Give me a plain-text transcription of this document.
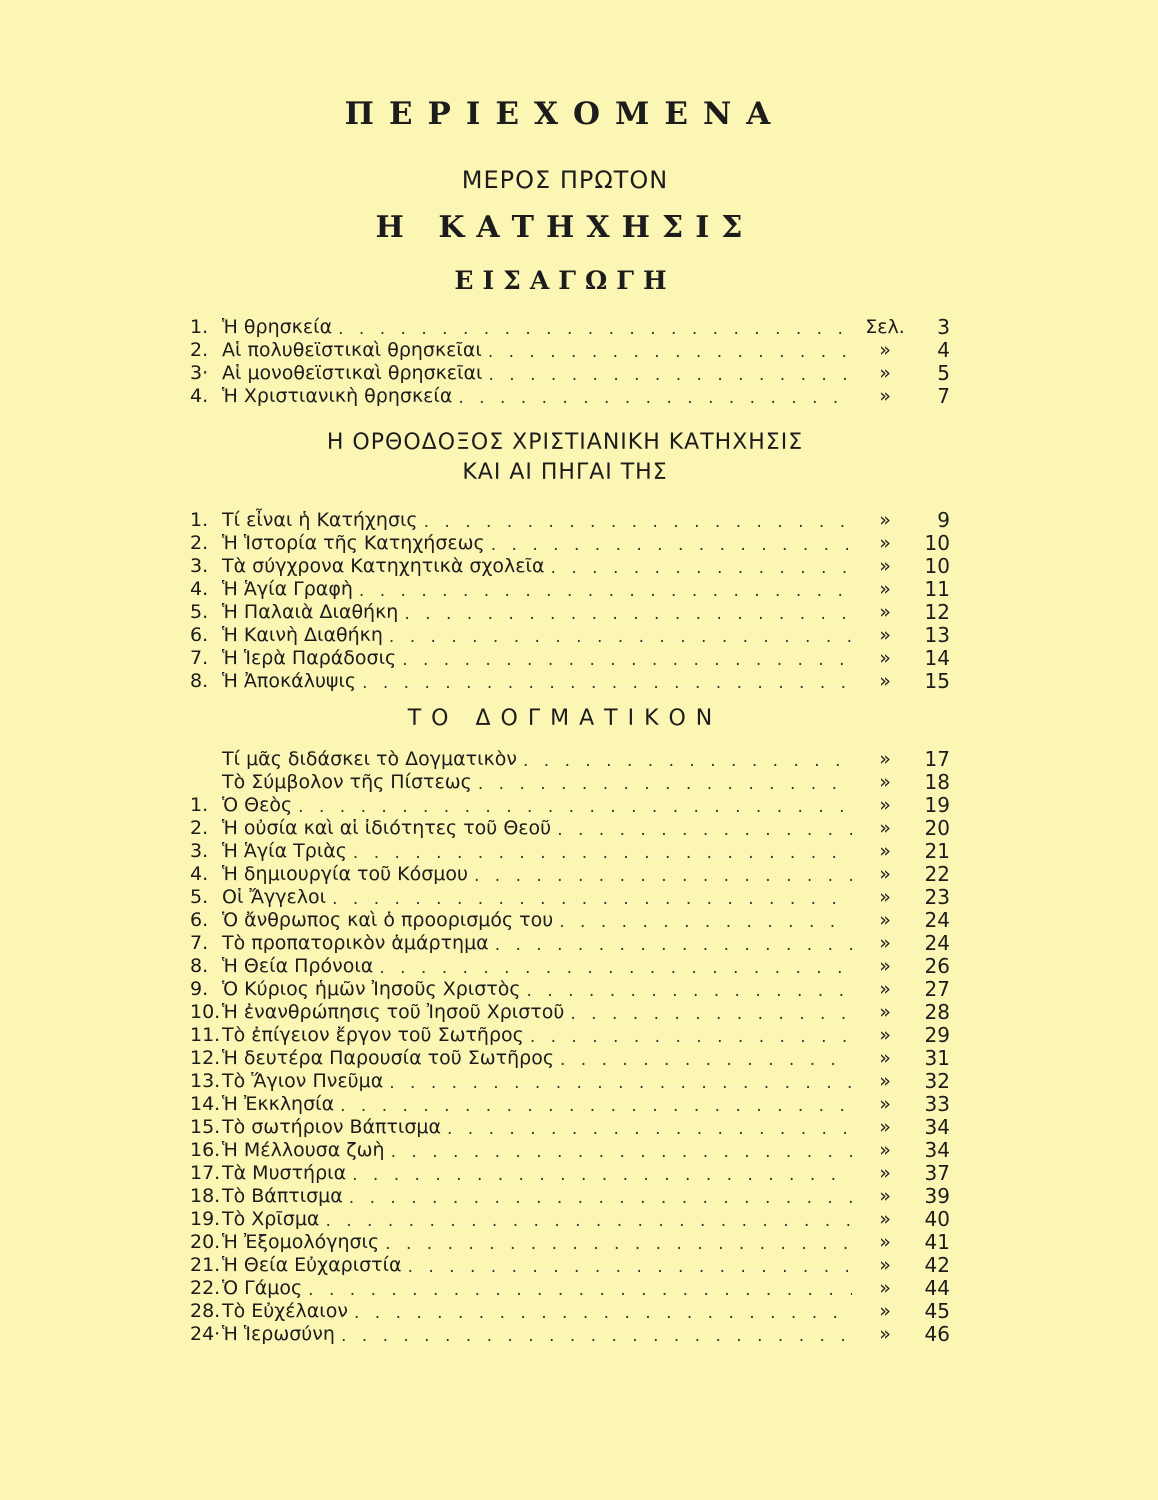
ΠΕΡΙΕΧΟΜΕΝΑ
ΜΕΡΟΣ ΠΡΩΤΟΝ
Η ΚΑΤΗΧΗΣΙΣ
ΕΙΣΑΓΩΓΗ
1. Ἡ θρησκεία . . .	Σελ.	3
2. Αἱ πολυθεϊστικαὶ θρησκεῖαι . . .	»	4
3· Αἱ μονοθεϊστικαὶ θρησκεῖαι . . .	»	5
4. Ἡ Χριστιανικὴ θρησκεία . . .	»	7
Η ΟΡΘΟΔΟΞΟΣ ΧΡΙΣΤΙΑΝΙΚΗ ΚΑΤΗΧΗΣΙΣ
ΚΑΙ ΑΙ ΠΗΓΑΙ ΤΗΣ
1. Τί εἶναι ἡ Κατήχησις . . .	»	9
2. Ἡ Ἱστορία τῆς Κατηχήσεως . . .	»	10
3. Τὰ σύγχρονα Κατηχητικὰ σχολεῖα . . .	»	10
4. Ἡ Ἁγία Γραφὴ . . .	»	11
5. Ἡ Παλαιὰ Διαθήκη . . .	»	12
6. Ἡ Καινὴ Διαθήκη . . .	»	13
7. Ἡ Ἱερὰ Παράδοσις . . .	»	14
8. Ἡ Ἀποκάλυψις . . .	»	15
ΤΟ ΔΟΓΜΑΤΙΚΟΝ
Τί μᾶς διδάσκει τὸ Δογματικὸν . . .	»	17
Τὸ Σύμβολον τῆς Πίστεως . . .	»	18
1. Ὁ Θεὸς . . .	»	19
2. Ἡ οὐσία καὶ αἱ ἰδιότητες τοῦ Θεοῦ . . .	»	20
3. Ἡ Ἁγία Τριὰς . . .	»	21
4. Ἡ δημιουργία τοῦ Κόσμου . . .	»	22
5. Οἱ Ἄγγελοι . . .	»	23
6. Ὁ ἄνθρωπος καὶ ὁ προορισμός του . . .	»	24
7. Τὸ προπατορικὸν ἁμάρτημα . . .	»	24
8. Ἡ Θεία Πρόνοια . . .	»	26
9. Ὁ Κύριος ἡμῶν Ἰησοῦς Χριστὸς . . .	»	27
10. Ἡ ἐνανθρώπησις τοῦ Ἰησοῦ Χριστοῦ . . .	»	28
11. Τὸ ἐπίγειον ἔργον τοῦ Σωτῆρος . . .	»	29
12. Ἡ δευτέρα Παρουσία τοῦ Σωτῆρος . . .	»	31
13. Τὸ Ἅγιον Πνεῦμα . . .	»	32
14. Ἡ Ἐκκλησία . . .	»	33
15. Τὸ σωτήριον Βάπτισμα . . .	»	34
16. Ἡ Μέλλουσα ζωὴ . . .	»	34
17. Τὰ Μυστήρια . . .	»	37
18. Τὸ Βάπτισμα . . .	»	39
19. Τὸ Χρῖσμα . . .	»	40
20. Ἡ Ἐξομολόγησις . . .	»	41
21. Ἡ Θεία Εὐχαριστία . . .	»	42
22. Ὁ Γάμος . . .	»	44
28. Τὸ Εὐχέλαιον . . .	»	45
24· Ἡ Ἱερωσύνη . . .	»	46
